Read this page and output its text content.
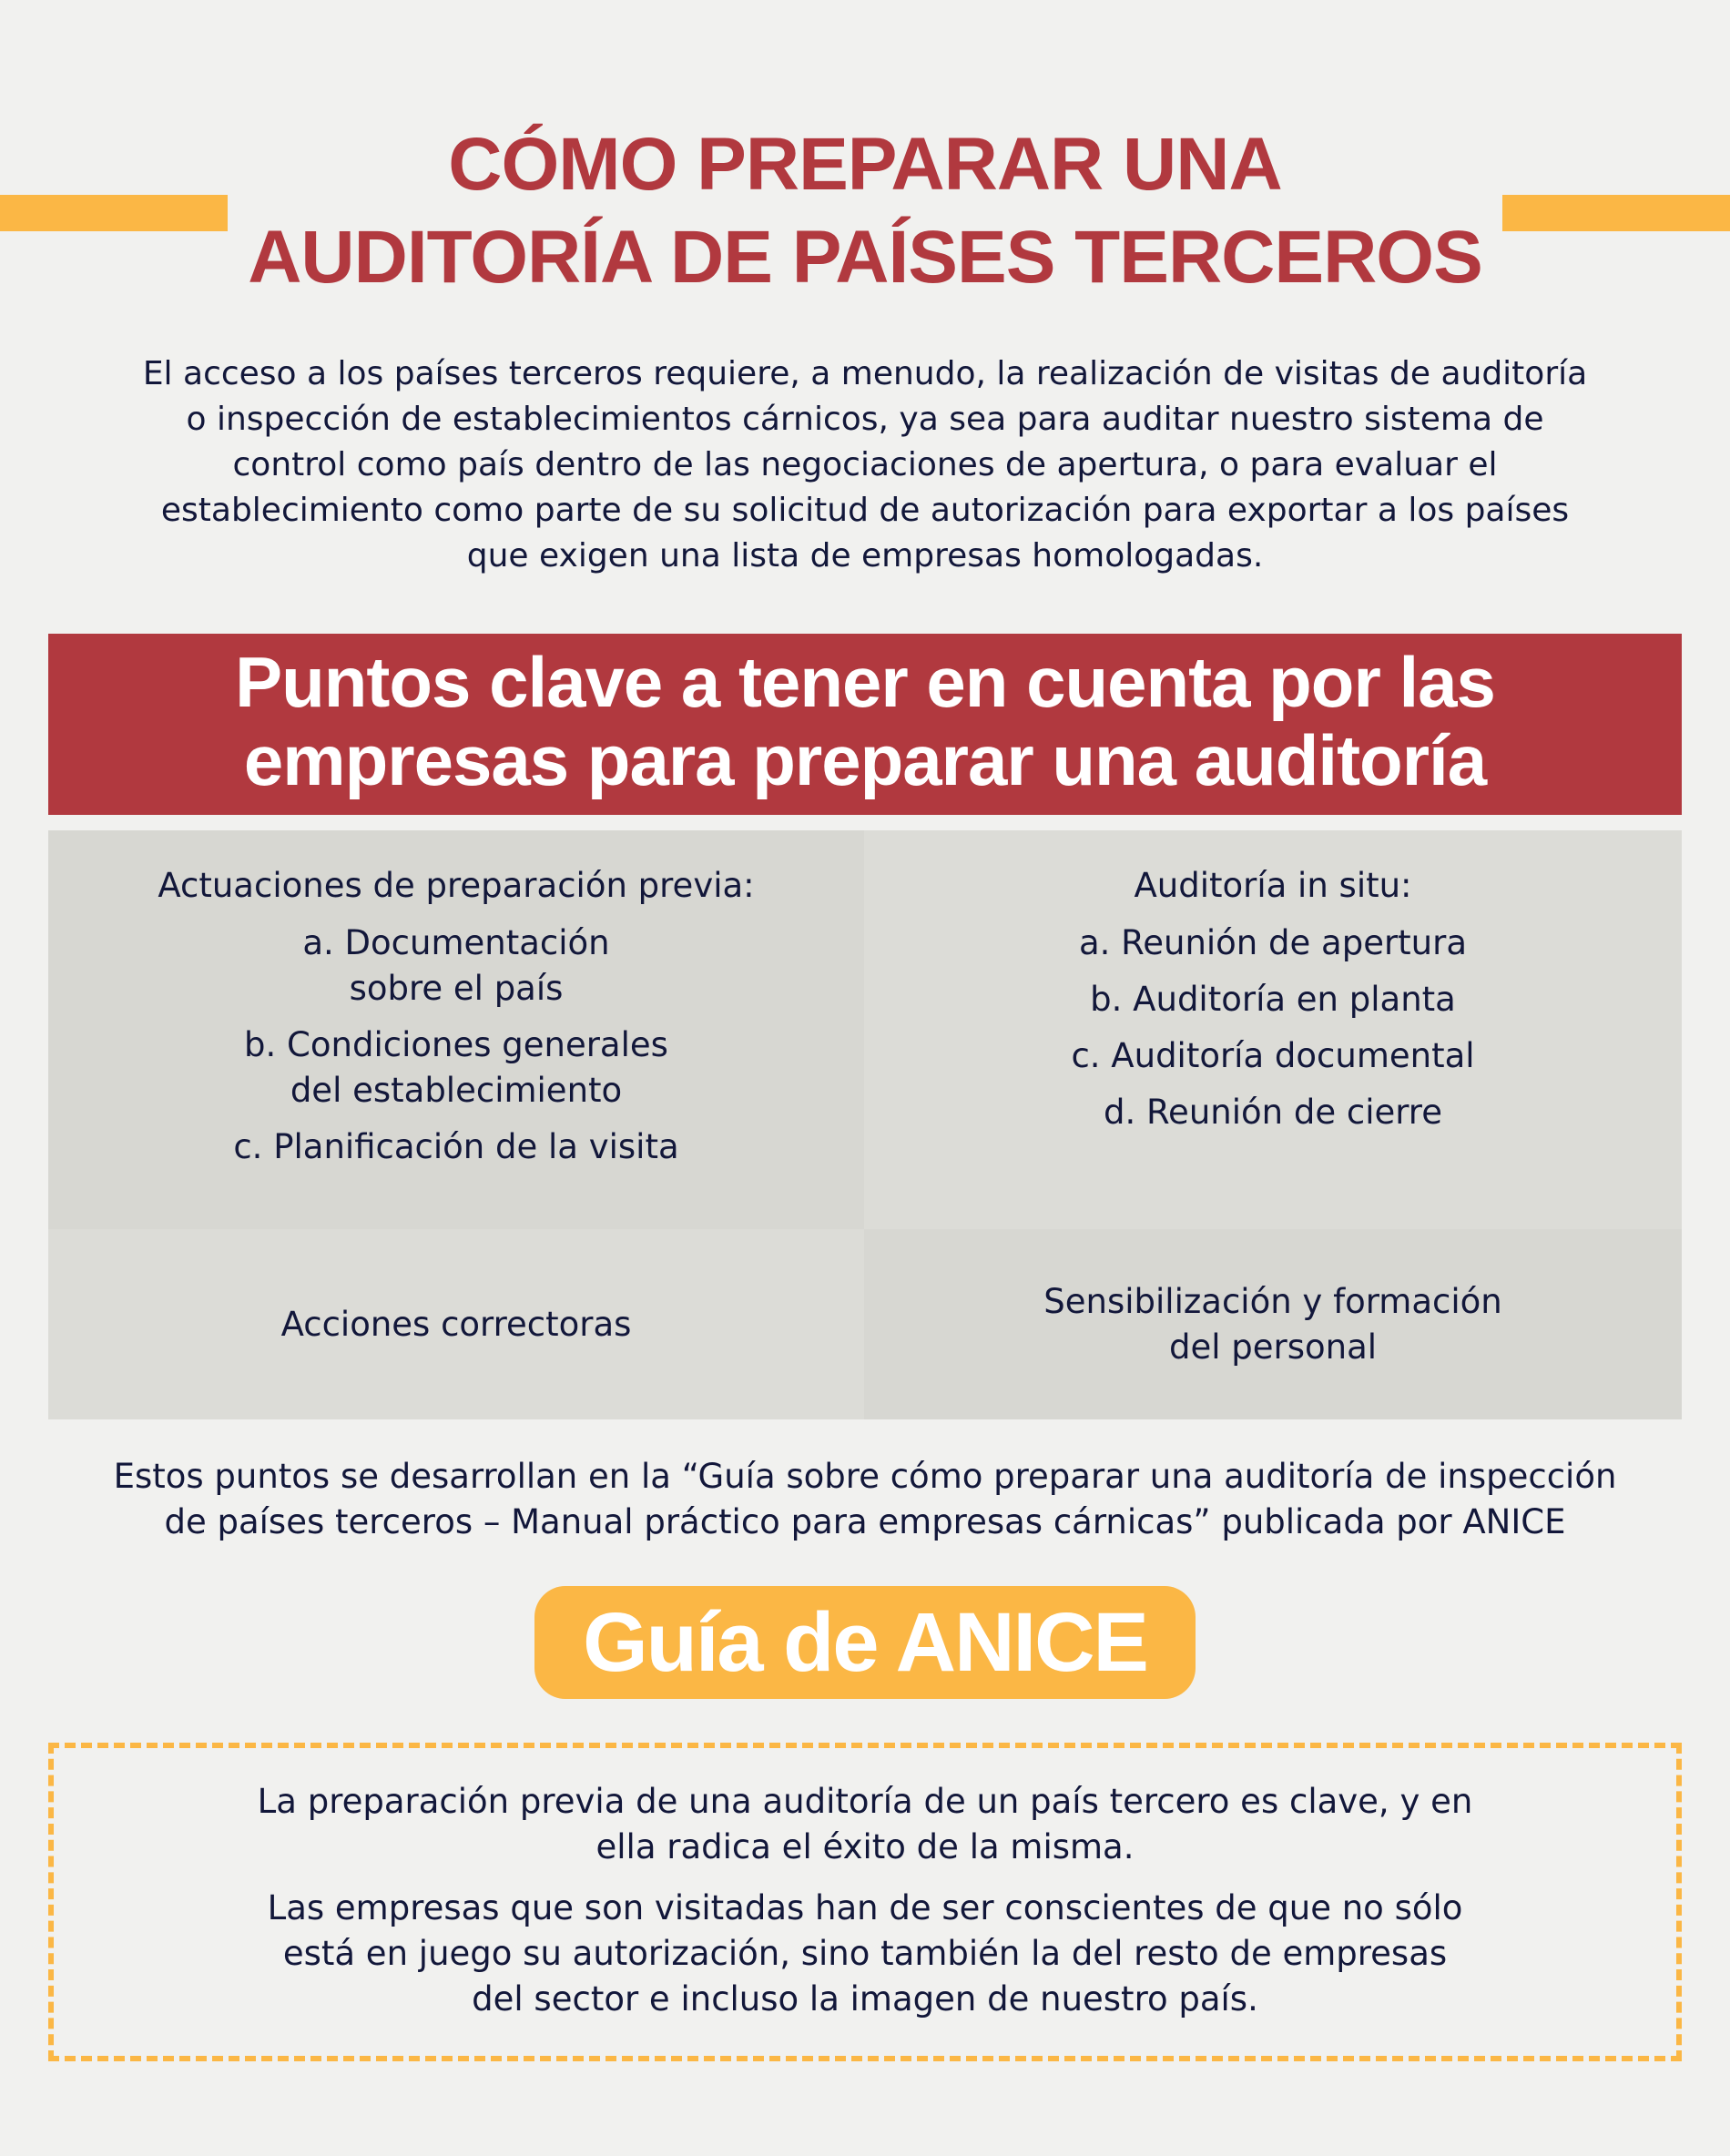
CÓMO PREPARAR UNA
AUDITORÍA DE PAÍSES TERCEROS

El acceso a los países terceros requiere, a menudo, la realización de visitas de auditoría
o inspección de establecimientos cárnicos, ya sea para auditar nuestro sistema de
control como país dentro de las negociaciones de apertura, o para evaluar el
establecimiento como parte de su solicitud de autorización para exportar a los países
que exigen una lista de empresas homologadas.

Puntos clave a tener en cuenta por las
empresas para preparar una auditoría
Actuaciones de preparación previa:
a. Documentación
sobre el país
b. Condiciones generales
del establecimiento
c. Planificación de la visita
Auditoría in situ:
a. Reunión de apertura
b. Auditoría en planta
c. Auditoría documental
d. Reunión de cierre
Acciones correctoras
Sensibilización y formación
del personal

Estos puntos se desarrollan en la “Guía sobre cómo preparar una auditoría de inspección
de países terceros – Manual práctico para empresas cárnicas” publicada por ANICE

Guía de ANICE

La preparación previa de una auditoría de un país tercero es clave, y en
ella radica el éxito de la misma.

Las empresas que son visitadas han de ser conscientes de que no sólo
está en juego su autorización, sino también la del resto de empresas
del sector e incluso la imagen de nuestro país.
